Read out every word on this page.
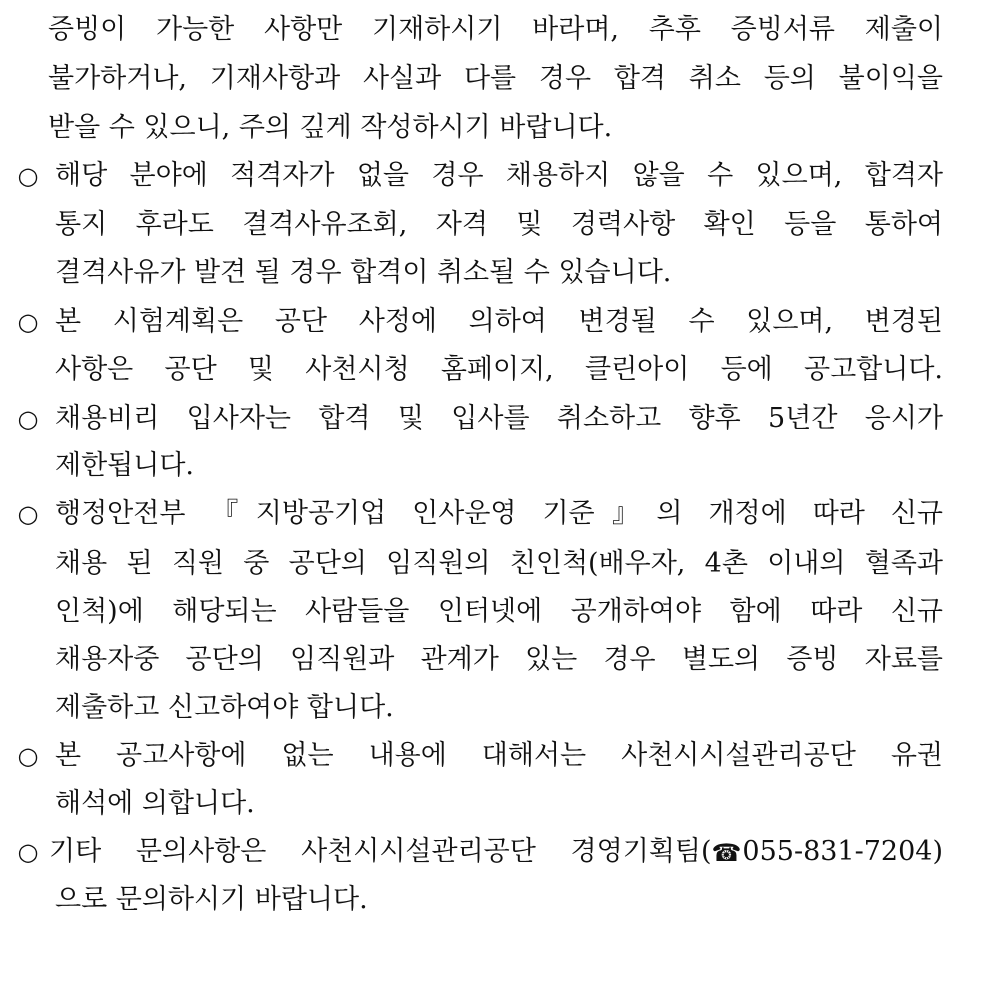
증빙이 가능한 사항만 기재하시기 바라며, 추후 증빙서류 제출이
불가하거나, 기재사항과 사실과 다를 경우 합격 취소 등의 불이익을
받을 수 있으니, 주의 깊게 작성하시기 바랍니다.
○ 해당 분야에 적격자가 없을 경우 채용하지 않을 수 있으며, 합격자
통지 후라도 결격사유조회, 자격 및 경력사항 확인 등을 통하여
결격사유가 발견 될 경우 합격이 취소될 수 있습니다.
○ 본 시험계획은 공단 사정에 의하여 변경될 수 있으며, 변경된
사항은 공단 및 사천시청 홈페이지, 클린아이 등에 공고합니다.
○ 채용비리 입사자는 합격 및 입사를 취소하고 향후 5년간 응시가
제한됩니다.
○ 행정안전부 『지방공기업 인사운영 기준』의 개정에 따라 신규
채용 된 직원 중 공단의 임직원의 친인척(배우자, 4촌 이내의 혈족과
인척)에 해당되는 사람들을 인터넷에 공개하여야 함에 따라 신규
채용자중 공단의 임직원과 관계가 있는 경우 별도의 증빙 자료를
제출하고 신고하여야 합니다.
○ 본 공고사항에 없는 내용에 대해서는 사천시시설관리공단 유권
해석에 의합니다.
○ 기타 문의사항은 사천시시설관리공단 경영기획팀(☎055-831-7204)
으로 문의하시기 바랍니다.
